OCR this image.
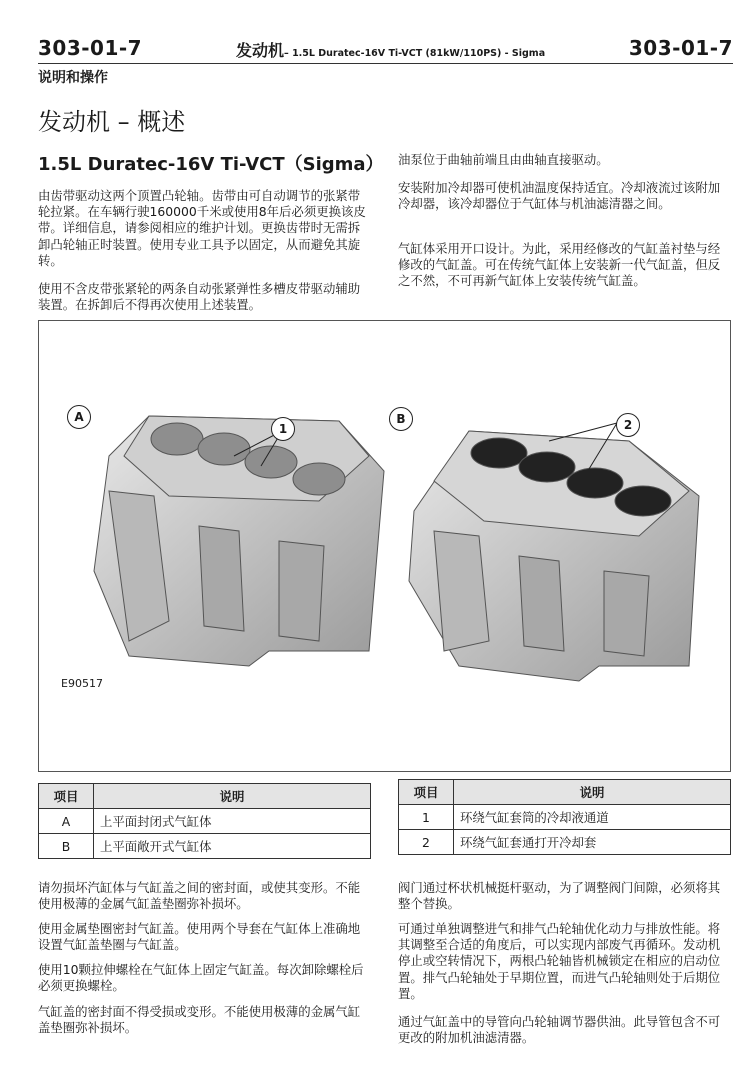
303-01-7	发动机– 1.5L Duratec-16V Ti-VCT (81kW/110PS) - Sigma	303-01-7
说明和操作
发动机 – 概述
1.5L Duratec-16V Ti-VCT（Sigma）

由齿带驱动这两个顶置凸轮轴。齿带由可自动调节的张紧带轮拉紧。在车辆行驶160000千米或使用8年后必须更换该皮带。详细信息，请参阅相应的维护计划。更换齿带时无需拆卸凸轮轴正时装置。使用专业工具予以固定，从而避免其旋转。

使用不含皮带张紧轮的两条自动张紧弹性多槽皮带驱动辅助装置。在拆卸后不得再次使用上述装置。

油泵位于曲轴前端且由曲轴直接驱动。

安装附加冷却器可使机油温度保持适宜。冷却液流过该附加冷却器，该冷却器位于气缸体与机油滤清器之间。

气缸体采用开口设计。为此，采用经修改的气缸盖衬垫与经修改的气缸盖。可在传统气缸体上安装新一代气缸盖，但反之不然，不可再新气缸体上安装传统气缸盖。

A	B
1	2
E90517
项目	说明
A	上平面封闭式气缸体
B	上平面敞开式气缸体
项目	说明
1	环绕气缸套筒的冷却液通道
2	环绕气缸套通打开冷却套

请勿损坏汽缸体与气缸盖之间的密封面，或使其变形。不能使用极薄的金属气缸盖垫圈弥补损坏。

使用金属垫圈密封气缸盖。使用两个导套在气缸体上准确地设置气缸盖垫圈与气缸盖。

使用10颗拉伸螺栓在气缸体上固定气缸盖。每次卸除螺栓后必须更换螺栓。

气缸盖的密封面不得受损或变形。不能使用极薄的金属气缸盖垫圈弥补损坏。

阀门通过杯状机械挺杆驱动，为了调整阀门间隙，必须将其整个替换。

可通过单独调整进气和排气凸轮轴优化动力与排放性能。将其调整至合适的角度后，可以实现内部废气再循环。发动机停止或空转情况下，两根凸轮轴皆机械锁定在相应的启动位置。排气凸轮轴处于早期位置，而进气凸轮轴则处于后期位置。

通过气缸盖中的导管向凸轮轴调节器供油。此导管包含不可更改的附加机油滤清器。
